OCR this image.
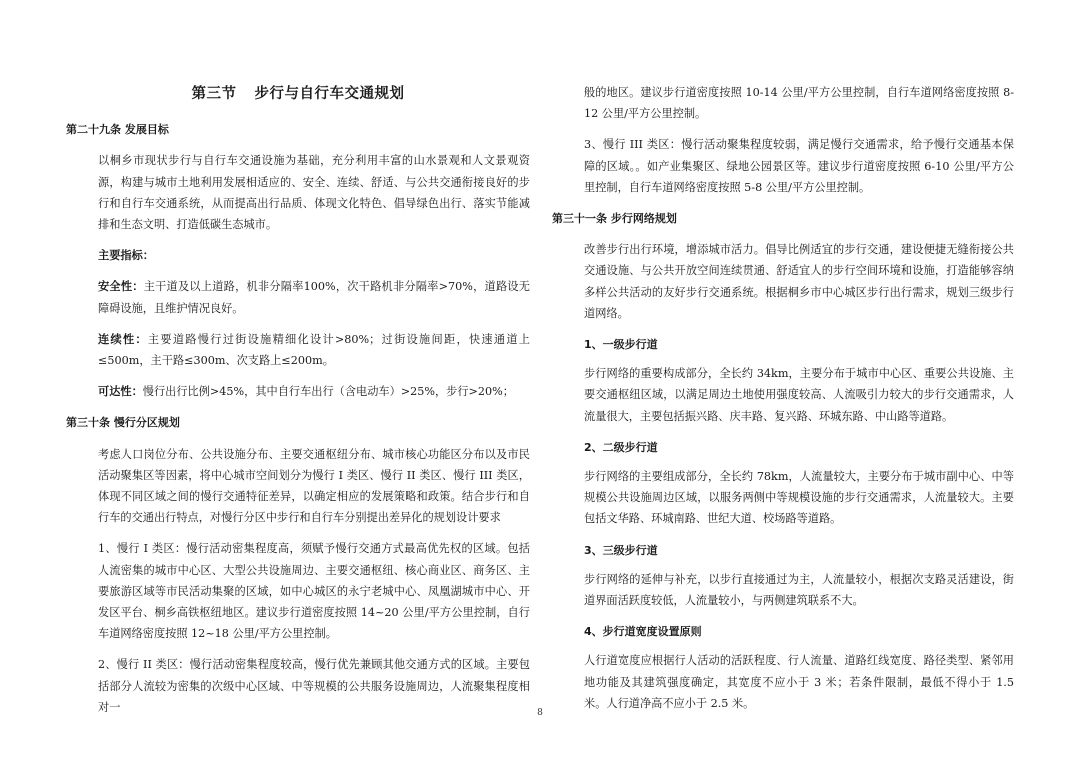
第三节 步行与自行车交通规划
第二十九条 发展目标

以桐乡市现状步行与自行车交通设施为基础，充分利用丰富的山水景观和人文景观资源，构建与城市土地利用发展相适应的、安全、连续、舒适、与公共交通衔接良好的步行和自行车交通系统，从而提高出行品质、体现文化特色、倡导绿色出行、落实节能减排和生态文明、打造低碳生态城市。

主要指标：

安全性：主干道及以上道路，机非分隔率100%，次干路机非分隔率>70%，道路设无障碍设施，且维护情况良好。

连续性：主要道路慢行过街设施精细化设计>80%；过街设施间距，快速通道上≤500m，主干路≤300m、次支路上≤200m。

可达性：慢行出行比例>45%，其中自行车出行（含电动车）>25%，步行>20%；

第三十条 慢行分区规划

考虑人口岗位分布、公共设施分布、主要交通枢纽分布、城市核心功能区分布以及市民活动聚集区等因素，将中心城市空间划分为慢行 I 类区、慢行 II 类区、慢行 III 类区，体现不同区域之间的慢行交通特征差异，以确定相应的发展策略和政策。结合步行和自行车的交通出行特点，对慢行分区中步行和自行车分别提出差异化的规划设计要求

1、慢行 I 类区：慢行活动密集程度高，须赋予慢行交通方式最高优先权的区域。包括人流密集的城市中心区、大型公共设施周边、主要交通枢纽、核心商业区、商务区、主要旅游区域等市民活动集聚的区域，如中心城区的永宁老城中心、凤凰湖城市中心、开发区平台、桐乡高铁枢纽地区。建议步行道密度按照 14~20 公里/平方公里控制，自行车道网络密度按照 12~18 公里/平方公里控制。

2、慢行 II 类区：慢行活动密集程度较高，慢行优先兼顾其他交通方式的区域。主要包括部分人流较为密集的次级中心区域、中等规模的公共服务设施周边，人流聚集程度相对一

般的地区。建议步行道密度按照 10-14 公里/平方公里控制，自行车道网络密度按照 8-12 公里/平方公里控制。

3、慢行 III 类区：慢行活动聚集程度较弱，满足慢行交通需求，给予慢行交通基本保障的区域。。如产业集聚区、绿地公园景区等。建议步行道密度按照 6-10 公里/平方公里控制，自行车道网络密度按照 5-8 公里/平方公里控制。

第三十一条 步行网络规划

改善步行出行环境，增添城市活力。倡导比例适宜的步行交通，建设便捷无缝衔接公共交通设施、与公共开放空间连续贯通、舒适宜人的步行空间环境和设施，打造能够容纳多样公共活动的友好步行交通系统。根据桐乡市中心城区步行出行需求，规划三级步行道网络。

1、一级步行道

步行网络的重要构成部分，全长约 34km，主要分布于城市中心区、重要公共设施、主要交通枢纽区域，以满足周边土地使用强度较高、人流吸引力较大的步行交通需求，人流量很大，主要包括振兴路、庆丰路、复兴路、环城东路、中山路等道路。

2、二级步行道

步行网络的主要组成部分，全长约 78km，人流量较大，主要分布于城市副中心、中等规模公共设施周边区域，以服务两侧中等规模设施的步行交通需求，人流量较大。主要包括文华路、环城南路、世纪大道、校场路等道路。

3、三级步行道

步行网络的延伸与补充，以步行直接通过为主，人流量较小，根据次支路灵活建设，街道界面活跃度较低，人流量较小，与两侧建筑联系不大。

4、步行道宽度设置原则

人行道宽度应根据行人活动的活跃程度、行人流量、道路红线宽度、路径类型、紧邻用地功能及其建筑强度确定，其宽度不应小于 3 米；若条件限制，最低不得小于 1.5 米。人行道净高不应小于 2.5 米。

8
